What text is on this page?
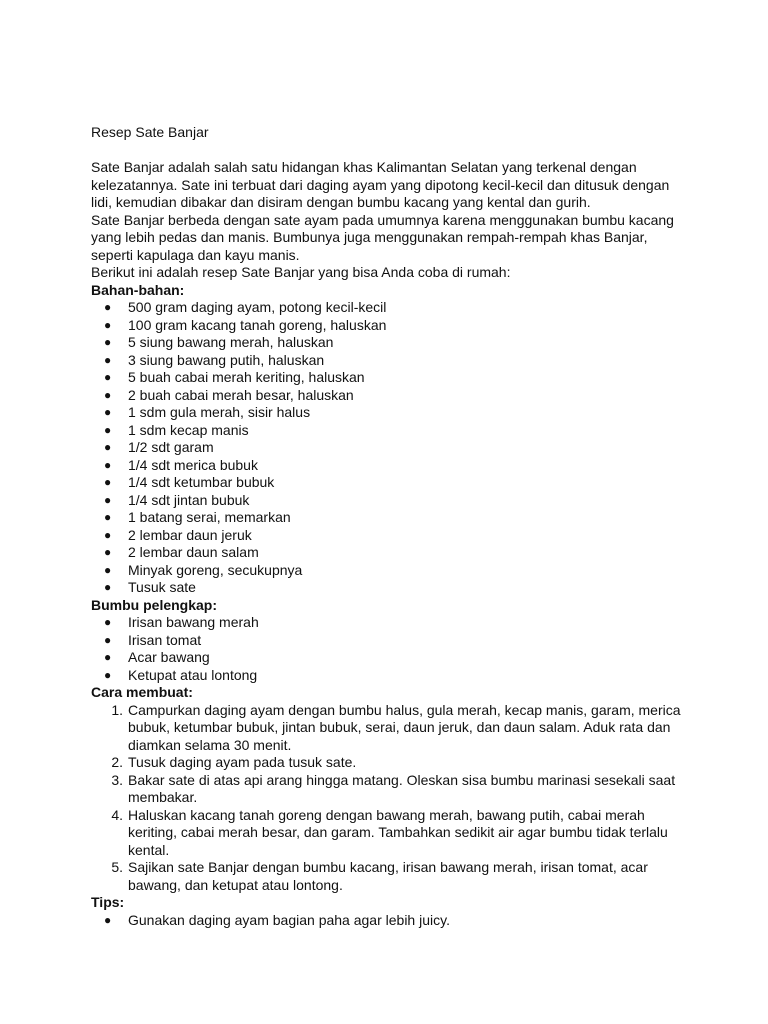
Resep Sate Banjar

Sate Banjar adalah salah satu hidangan khas Kalimantan Selatan yang terkenal dengan kelezatannya. Sate ini terbuat dari daging ayam yang dipotong kecil-kecil dan ditusuk dengan lidi, kemudian dibakar dan disiram dengan bumbu kacang yang kental dan gurih.

Sate Banjar berbeda dengan sate ayam pada umumnya karena menggunakan bumbu kacang yang lebih pedas dan manis. Bumbunya juga menggunakan rempah-rempah khas Banjar, seperti kapulaga dan kayu manis.

Berikut ini adalah resep Sate Banjar yang bisa Anda coba di rumah:

Bahan-bahan:

● 500 gram daging ayam, potong kecil-kecil
● 100 gram kacang tanah goreng, haluskan
● 5 siung bawang merah, haluskan
● 3 siung bawang putih, haluskan
● 5 buah cabai merah keriting, haluskan
● 2 buah cabai merah besar, haluskan
● 1 sdm gula merah, sisir halus
● 1 sdm kecap manis
● 1/2 sdt garam
● 1/4 sdt merica bubuk
● 1/4 sdt ketumbar bubuk
● 1/4 sdt jintan bubuk
● 1 batang serai, memarkan
● 2 lembar daun jeruk
● 2 lembar daun salam
● Minyak goreng, secukupnya
● Tusuk sate

Bumbu pelengkap:

● Irisan bawang merah
● Irisan tomat
● Acar bawang
● Ketupat atau lontong

Cara membuat:

1. Campurkan daging ayam dengan bumbu halus, gula merah, kecap manis, garam, merica bubuk, ketumbar bubuk, jintan bubuk, serai, daun jeruk, dan daun salam. Aduk rata dan diamkan selama 30 menit.
2. Tusuk daging ayam pada tusuk sate.
3. Bakar sate di atas api arang hingga matang. Oleskan sisa bumbu marinasi sesekali saat membakar.
4. Haluskan kacang tanah goreng dengan bawang merah, bawang putih, cabai merah keriting, cabai merah besar, dan garam. Tambahkan sedikit air agar bumbu tidak terlalu kental.
5. Sajikan sate Banjar dengan bumbu kacang, irisan bawang merah, irisan tomat, acar bawang, dan ketupat atau lontong.

Tips:

● Gunakan daging ayam bagian paha agar lebih juicy.
